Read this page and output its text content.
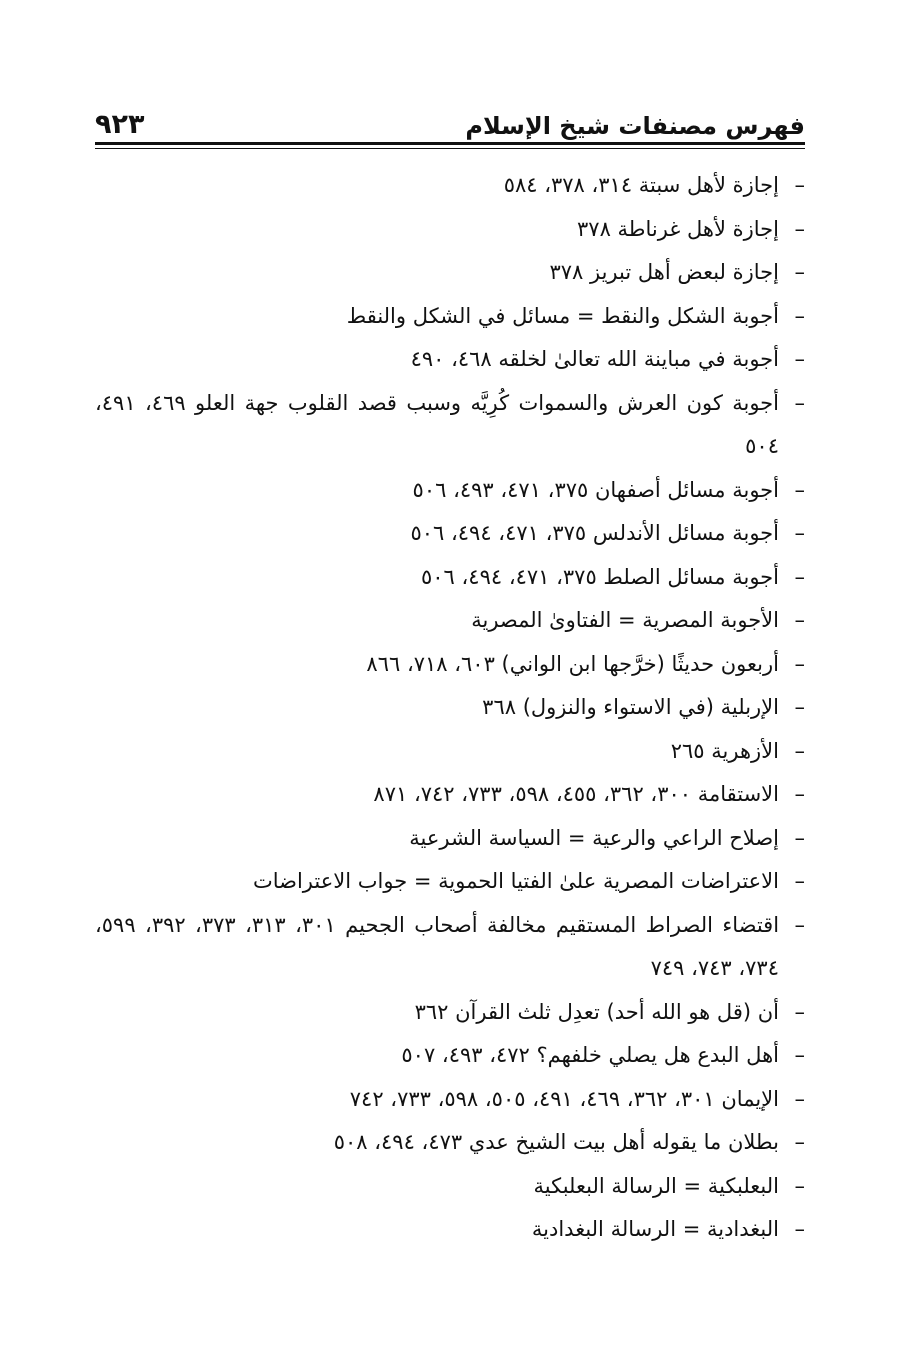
فهرس مصنفات شيخ الإسلام
٩٢٣
–
إجازة لأهل سبتة ٣١٤، ٣٧٨، ٥٨٤
–
إجازة لأهل غرناطة ٣٧٨
–
إجازة لبعض أهل تبريز ٣٧٨
–
أجوبة الشكل والنقط = مسائل في الشكل والنقط
–
أجوبة في مباينة الله تعالىٰ لخلقه ٤٦٨، ٤٩٠
–
أجوبة كون العرش والسموات كُرِيَّه وسبب قصد القلوب جهة العلو ٤٦٩، ٤٩١، ٥٠٤
–
أجوبة مسائل أصفهان ٣٧٥، ٤٧١، ٤٩٣، ٥٠٦
–
أجوبة مسائل الأندلس ٣٧٥، ٤٧١، ٤٩٤، ٥٠٦
–
أجوبة مسائل الصلط ٣٧٥، ٤٧١، ٤٩٤، ٥٠٦
–
الأجوبة المصرية = الفتاوىٰ المصرية
–
أربعون حديثًا (خرَّجها ابن الواني) ٦٠٣، ٧١٨، ٨٦٦
–
الإربلية (في الاستواء والنزول) ٣٦٨
–
الأزهرية ٢٦٥
–
الاستقامة ٣٠٠، ٣٦٢، ٤٥٥، ٥٩٨، ٧٣٣، ٧٤٢، ٨٧١
–
إصلاح الراعي والرعية = السياسة الشرعية
–
الاعتراضات المصرية علىٰ الفتيا الحموية = جواب الاعتراضات
–
اقتضاء الصراط المستقيم مخالفة أصحاب الجحيم ٣٠١، ٣١٣، ٣٧٣، ٣٩٢، ٥٩٩، ٧٣٤، ٧٤٣، ٧٤٩
–
أن (قل هو الله أحد) تعدِل ثلث القرآن ٣٦٢
–
أهل البدع هل يصلي خلفهم؟ ٤٧٢، ٤٩٣، ٥٠٧
–
الإيمان ٣٠١، ٣٦٢، ٤٦٩، ٤٩١، ٥٠٥، ٥٩٨، ٧٣٣، ٧٤٢
–
بطلان ما يقوله أهل بيت الشيخ عدي ٤٧٣، ٤٩٤، ٥٠٨
–
البعلبكية = الرسالة البعلبكية
–
البغدادية = الرسالة البغدادية
